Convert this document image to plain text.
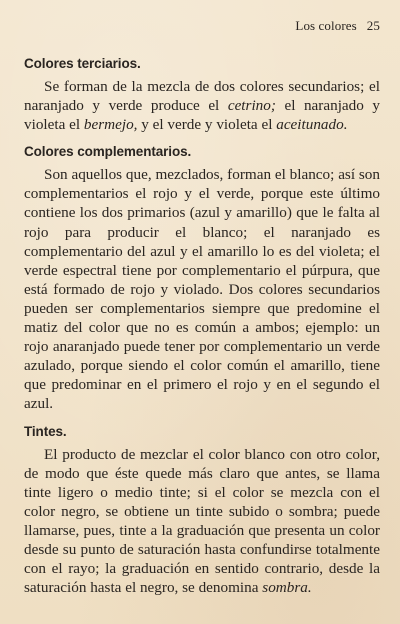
Los colores 25
Colores terciarios.

Se forman de la mezcla de dos colores secundarios; el naranjado y verde produce el cetrino; el naranjado y violeta el bermejo, y el verde y violeta el aceitunado.

Colores complementarios.

Son aquellos que, mezclados, forman el blanco; así son complementarios el rojo y el verde, porque este último contiene los dos primarios (azul y amarillo) que le falta al rojo para producir el blanco; el naranjado es complementario del azul y el amarillo lo es del violeta; el verde espectral tiene por complementario el púrpura, que está formado de rojo y violado. Dos colores secundarios pueden ser complementarios siempre que predomine el matiz del color que no es común a ambos; ejemplo: un rojo anaranjado puede tener por complementario un verde azulado, porque siendo el color común el amarillo, tiene que predominar en el primero el rojo y en el segundo el azul.

Tintes.

El producto de mezclar el color blanco con otro color, de modo que éste quede más claro que antes, se llama tinte ligero o medio tinte; si el color se mezcla con el color negro, se obtiene un tinte subido o sombra; puede llamarse, pues, tinte a la graduación que presenta un color desde su punto de saturación hasta confundirse totalmente con el rayo; la graduación en sentido contrario, desde la saturación hasta el negro, se denomina sombra.
